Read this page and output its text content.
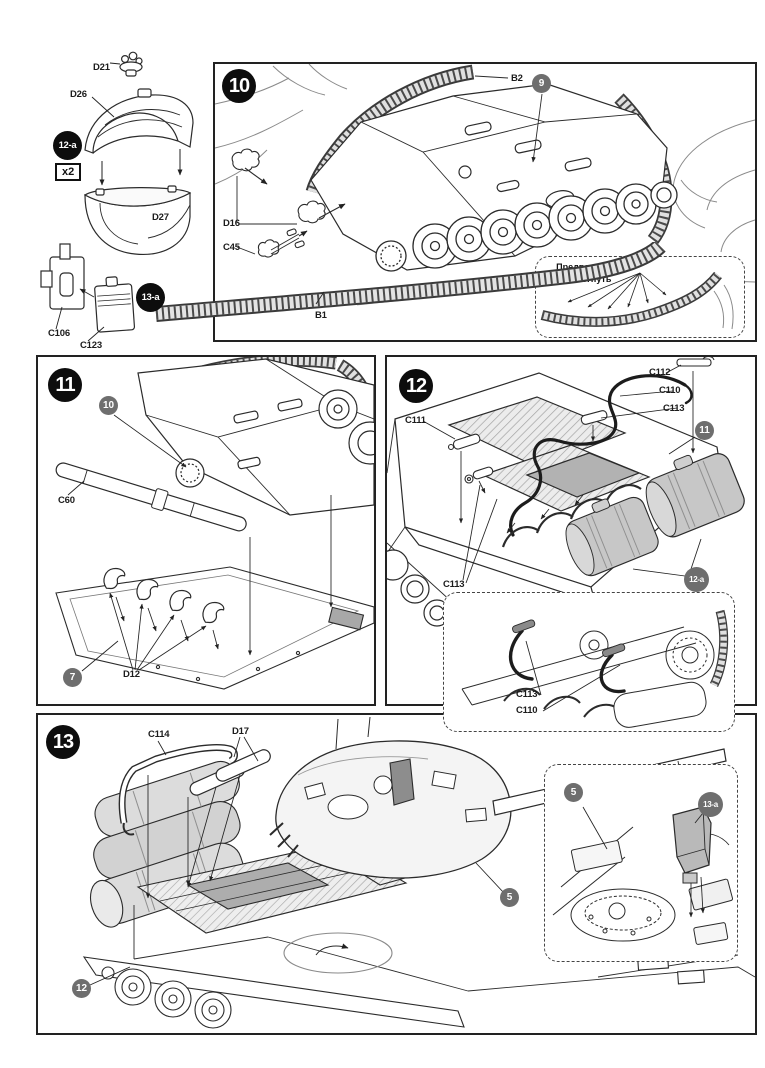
D21
D26
D27
C106
C123
12-a
x2
13-a
10	9
B2
D16
C45
B1
Предварительно
согнуть
11
10
7
C60
D12
12
11
12-a
C112
C110
C113
C111
C113
C113
C110
13
5
12
C114	D17
5
13-a
